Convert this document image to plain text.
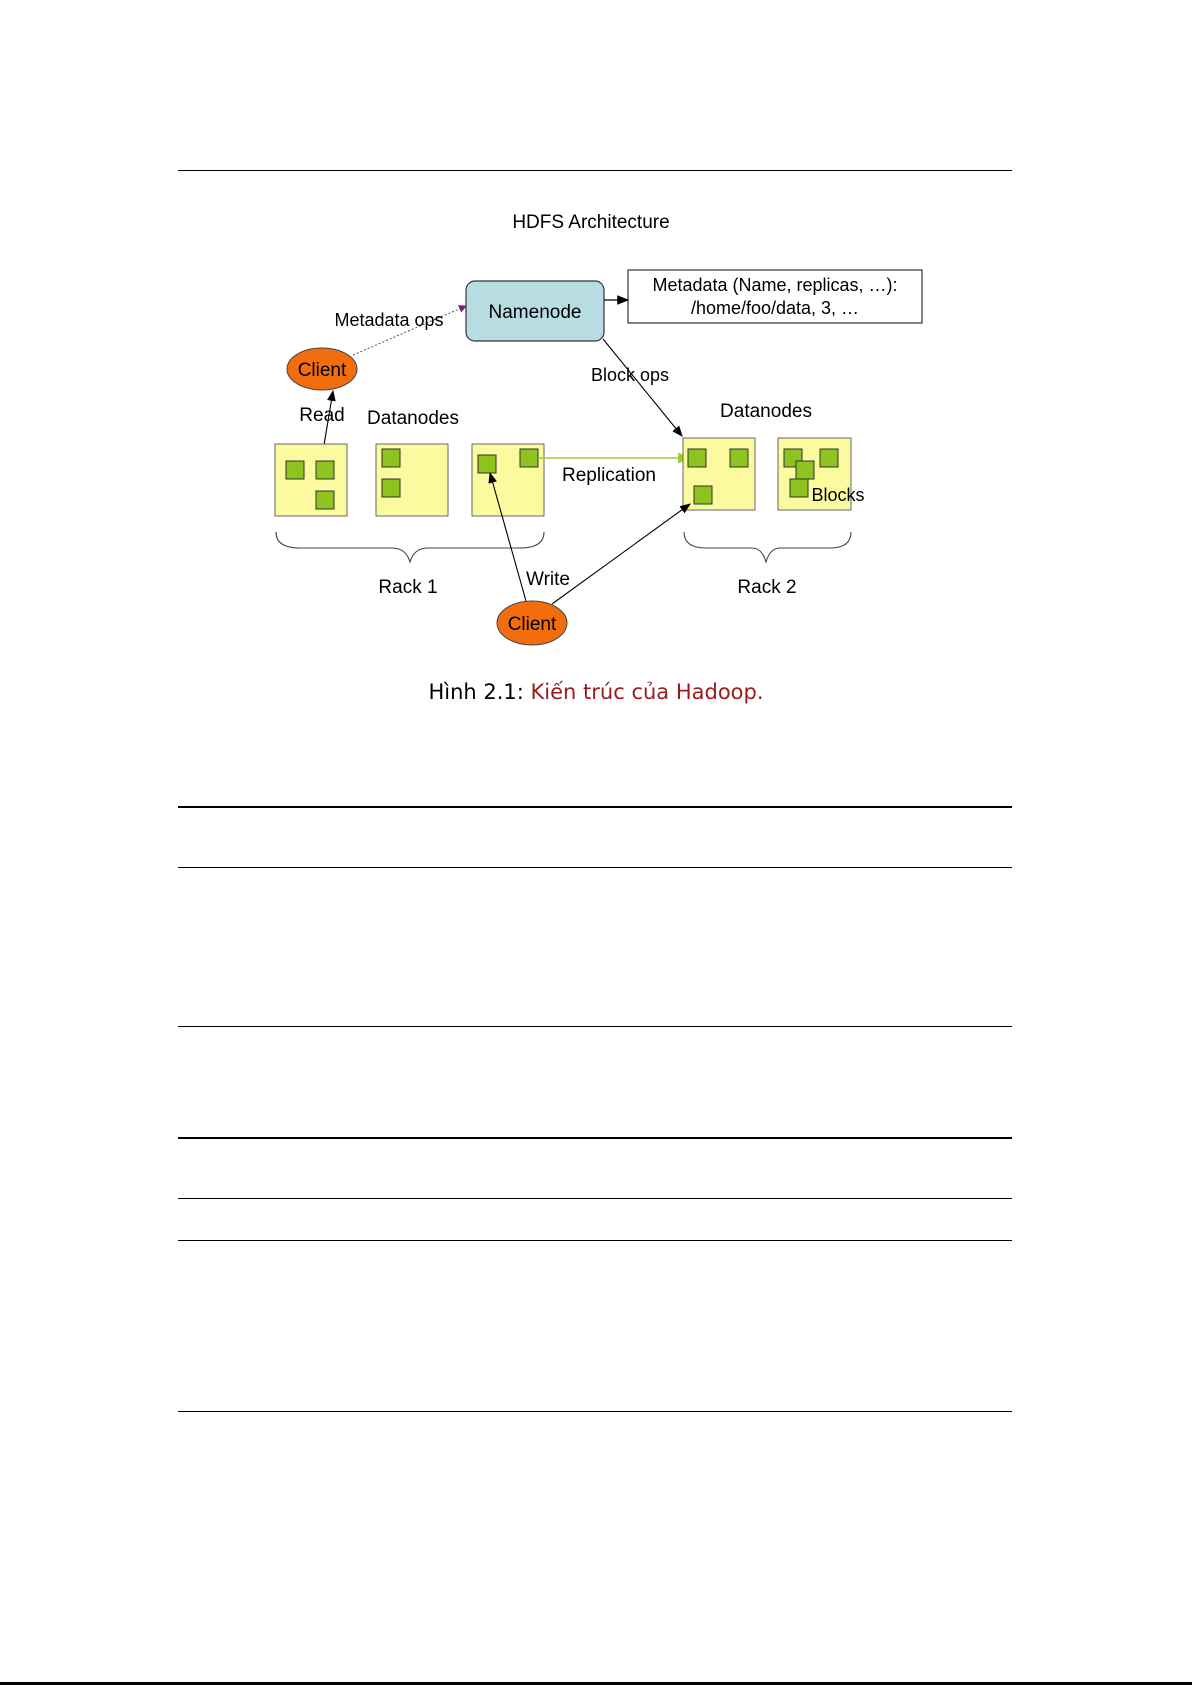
HDFS Architecture
Namenode
Metadata (Name, replicas, …):
/home/foo/data, 3, …
Metadata ops
Block ops
Client
Read Datanodes
Replication
Datanodes
Blocks
Rack 1	Rack 2
Write
Client
Hình 2.1: Kiến trúc của Hadoop.
